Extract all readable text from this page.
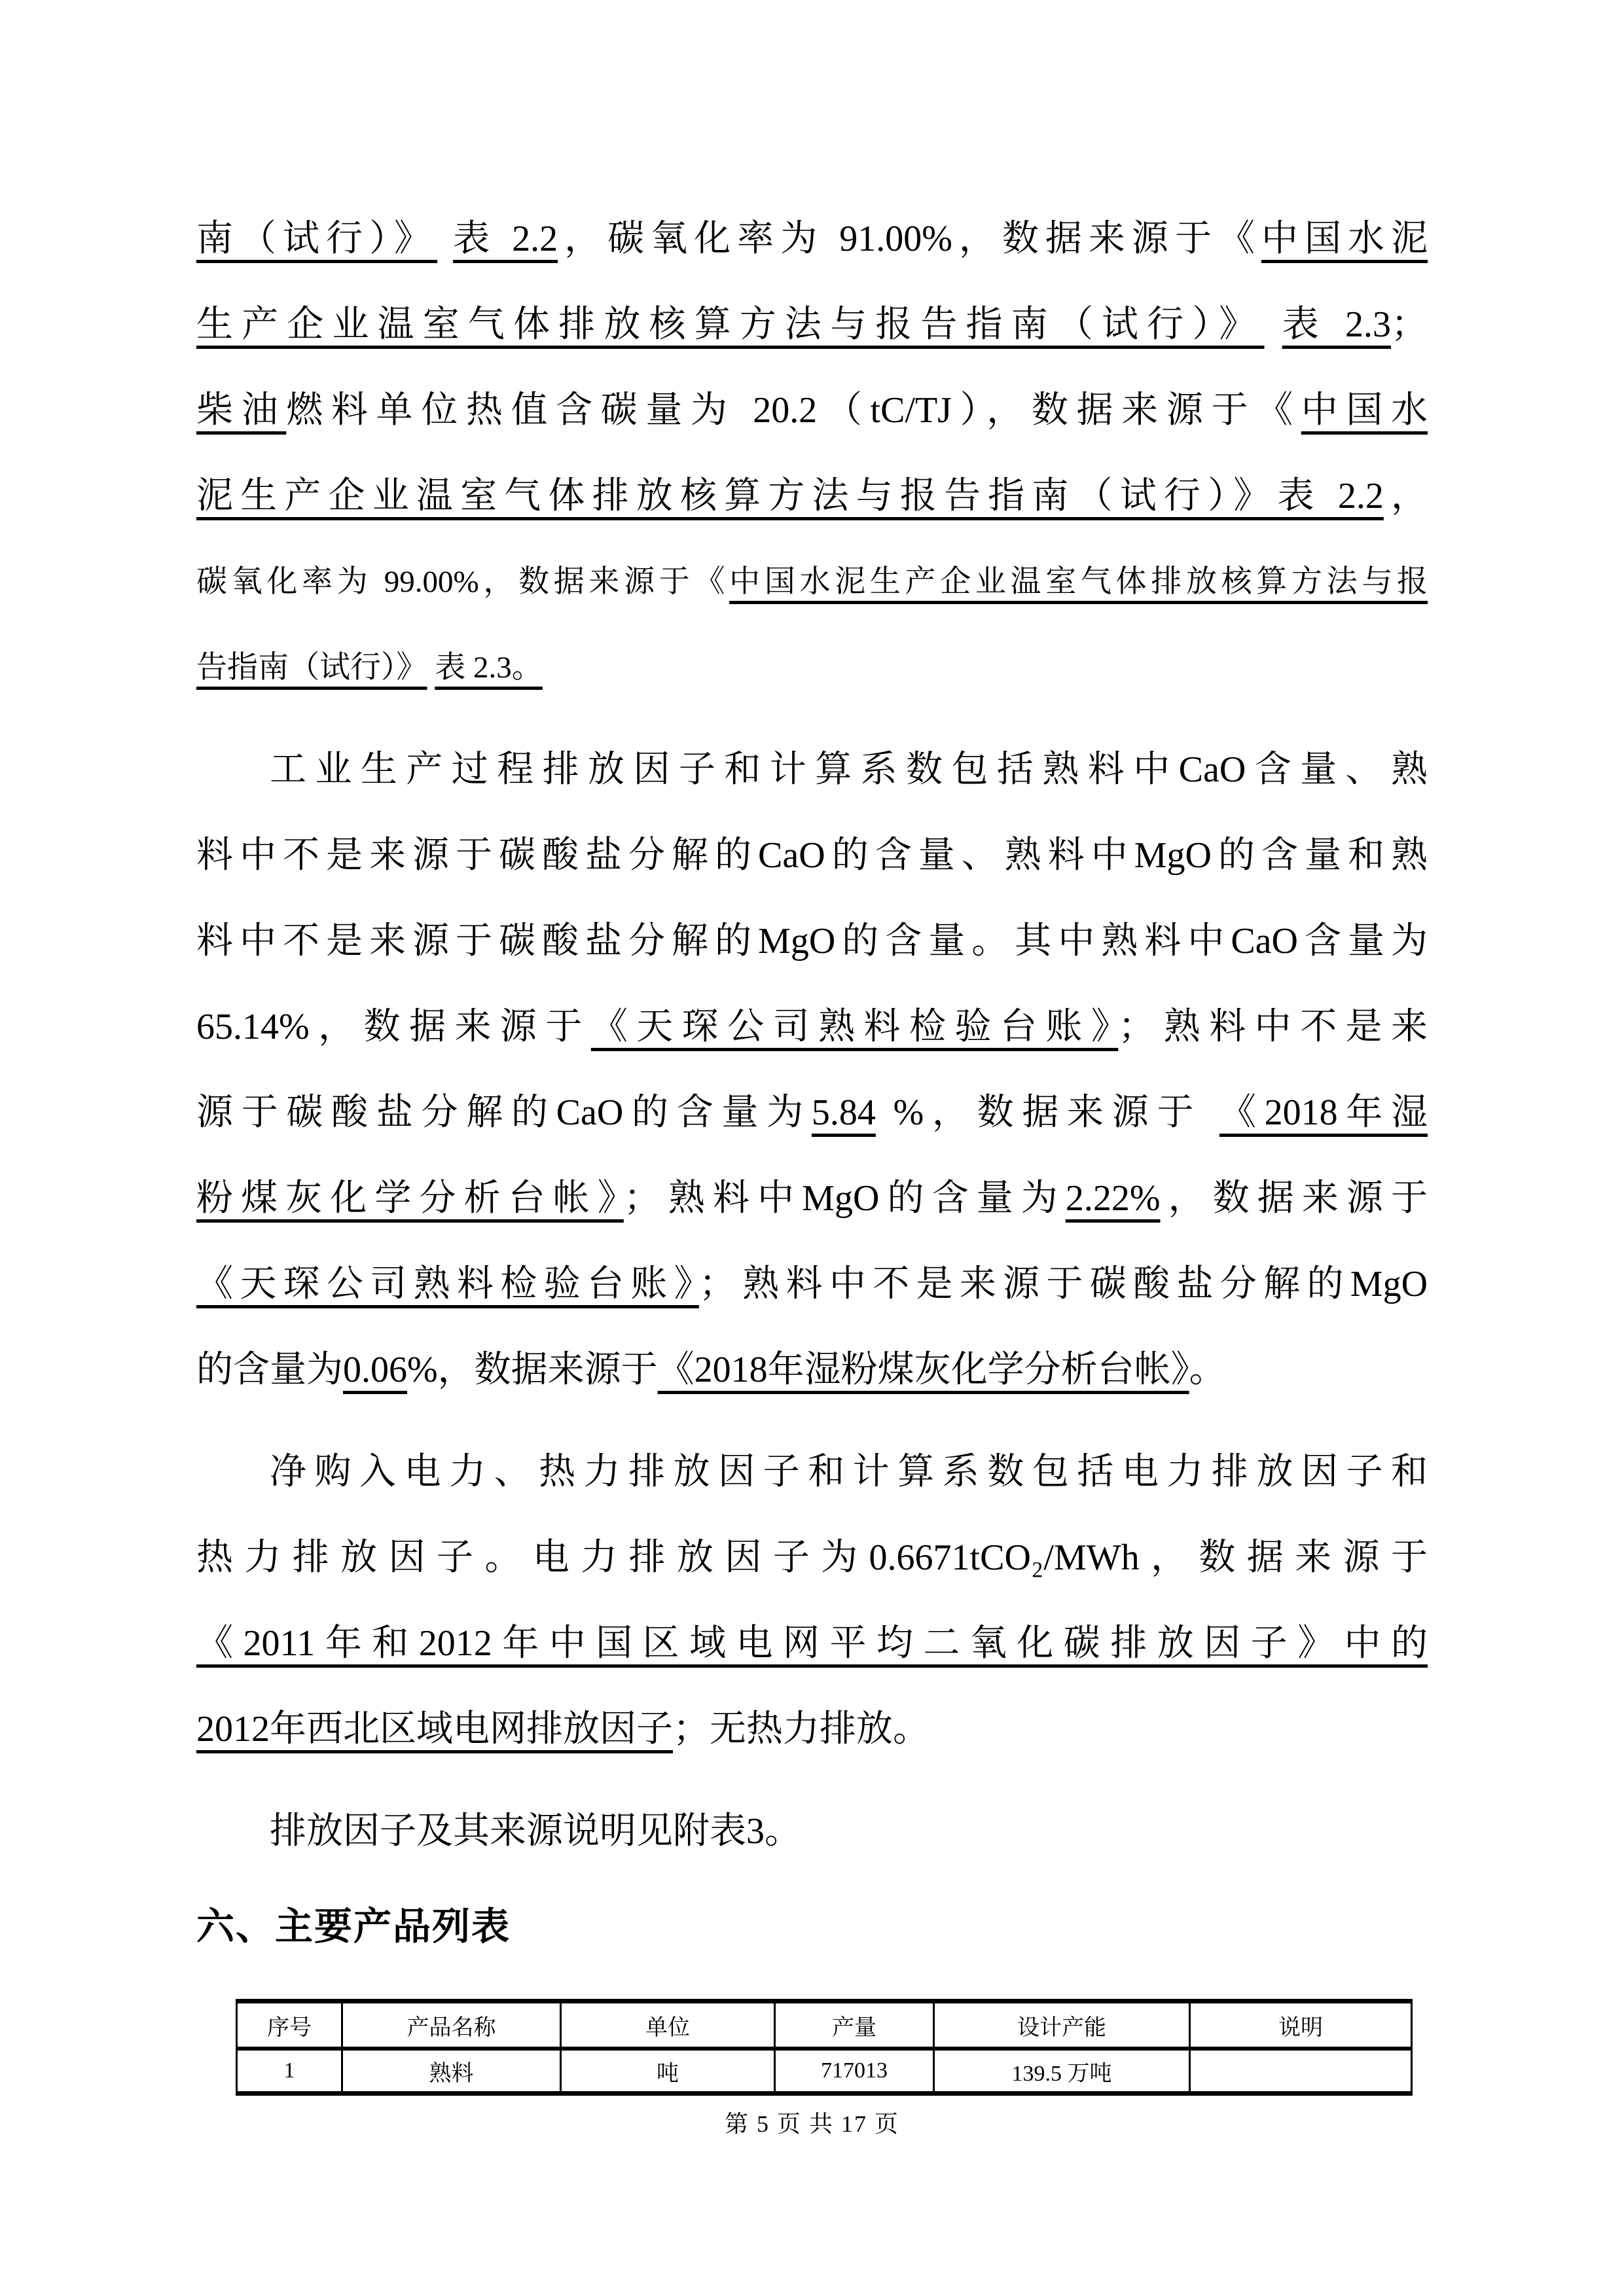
南（试行）》 表 2.2，碳氧化率为 91.00%，数据来源于《中国水泥
生产企业温室气体排放核算方法与报告指南（试行）》 表 2.3；
柴油燃料单位热值含碳量为 20.2（tC/TJ），数据来源于《中国水
泥生产企业温室气体排放核算方法与报告指南（试行）》表 2.2，
碳氧化率为 99.00%，数据来源于《中国水泥生产企业温室气体排放核算方法与报
告指南（试行）》 表 2.3。
工业生产过程排放因子和计算系数包括熟料中CaO含量、熟
料中不是来源于碳酸盐分解的CaO的含量、熟料中MgO的含量和熟
料中不是来源于碳酸盐分解的MgO的含量。其中熟料中CaO含量为
65.14%，数据来源于《天琛公司熟料检验台账》；熟料中不是来
源于碳酸盐分解的CaO的含量为5.84 %，数据来源于 《2018年湿
粉煤灰化学分析台帐》；熟料中MgO的含量为2.22%，数据来源于
《天琛公司熟料检验台账》；熟料中不是来源于碳酸盐分解的MgO
的含量为0.06%，数据来源于《2018年湿粉煤灰化学分析台帐》。
净购入电力、热力排放因子和计算系数包括电力排放因子和
热力排放因子。电力排放因子为0.6671tCO₂/MWh，数据来源于
《2011年和2012年中国区域电网平均二氧化碳排放因子》中的
2012年西北区域电网排放因子；无热力排放。
排放因子及其来源说明见附表3。
六、主要产品列表
序号	产品名称	单位	产量	设计产能	说明
1	熟料	吨	717013	139.5 万吨	
第 5 页 共 17 页
